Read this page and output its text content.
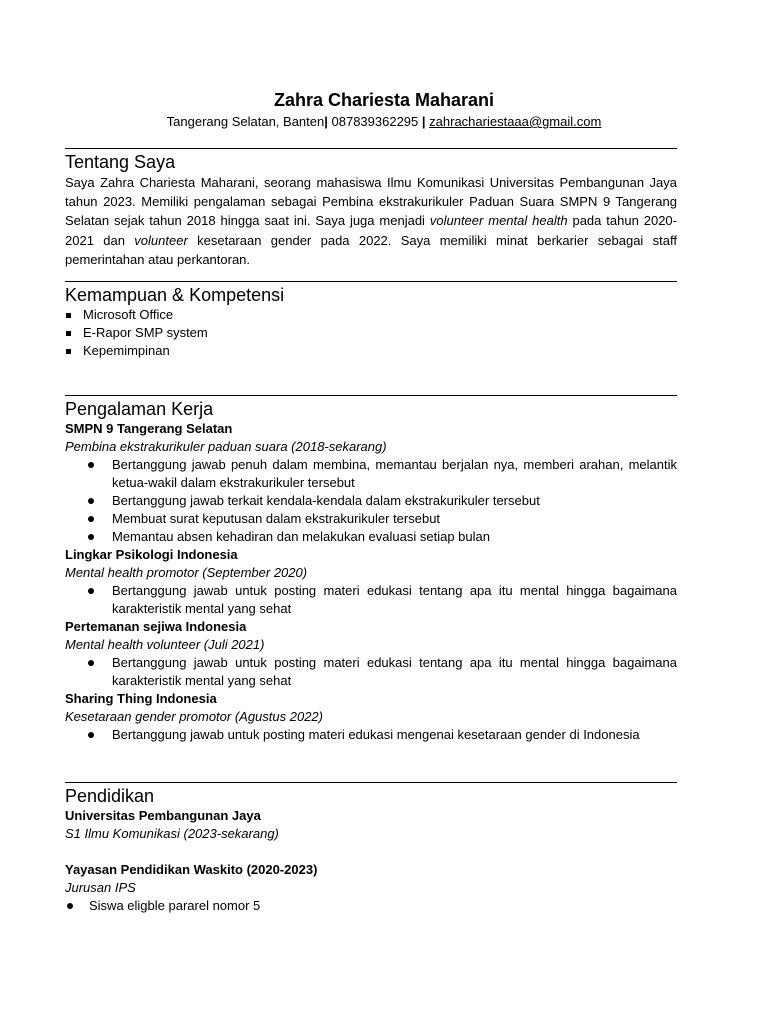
Zahra Chariesta Maharani
Tangerang Selatan, Banten| 087839362295 | zahrachariestaaa@gmail.com
Tentang Saya

Saya Zahra Chariesta Maharani, seorang mahasiswa Ilmu Komunikasi Universitas Pembangunan Jaya tahun 2023. Memiliki pengalaman sebagai Pembina ekstrakurikuler Paduan Suara SMPN 9 Tangerang Selatan sejak tahun 2018 hingga saat ini. Saya juga menjadi volunteer mental health pada tahun 2020-2021 dan volunteer kesetaraan gender pada 2022. Saya memiliki minat berkarier sebagai staff pemerintahan atau perkantoran.

Kemampuan & Kompetensi
Microsoft Office
E-Rapor SMP system
Kepemimpinan
Pengalaman Kerja
SMPN 9 Tangerang Selatan
Pembina ekstrakurikuler paduan suara (2018-sekarang)
Bertanggung jawab penuh dalam membina, memantau berjalan nya, memberi arahan, melantik ketua-wakil dalam ekstrakurikuler tersebut
Bertanggung jawab terkait kendala-kendala dalam ekstrakurikuler tersebut
Membuat surat keputusan dalam ekstrakurikuler tersebut
Memantau absen kehadiran dan melakukan evaluasi setiap bulan
Lingkar Psikologi Indonesia
Mental health promotor (September 2020)
Bertanggung jawab untuk posting materi edukasi tentang apa itu mental hingga bagaimana karakteristik mental yang sehat
Pertemanan sejiwa Indonesia
Mental health volunteer (Juli 2021)
Bertanggung jawab untuk posting materi edukasi tentang apa itu mental hingga bagaimana karakteristik mental yang sehat
Sharing Thing Indonesia
Kesetaraan gender promotor (Agustus 2022)
Bertanggung jawab untuk posting materi edukasi mengenai kesetaraan gender di Indonesia
Pendidikan
Universitas Pembangunan Jaya
S1 Ilmu Komunikasi (2023-sekarang)
Yayasan Pendidikan Waskito (2020-2023)
Jurusan IPS
Siswa eligble pararel nomor 5
